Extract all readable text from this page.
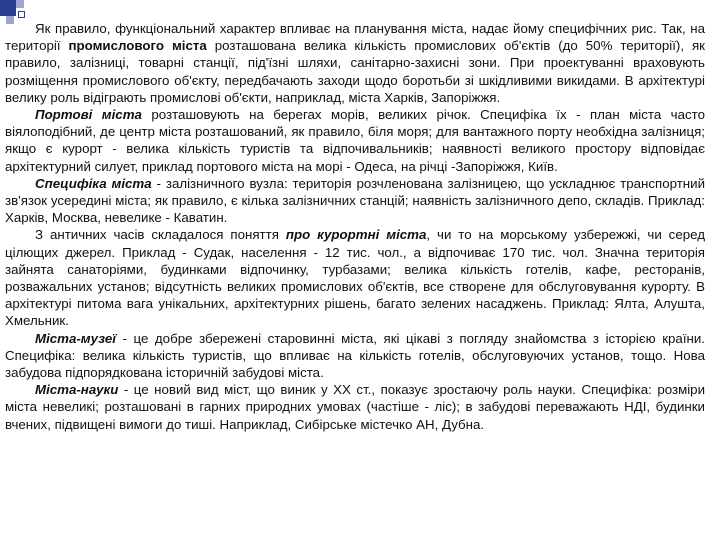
Як правило, функціональний характер впливає на планування міста, надає йому специфічних рис. Так, на території промислового міста розташована велика кількість промислових об'єктів (до 50% території), як правило, залізниці, товарні станції, під'їзні шляхи, санітарно-захисні зони. При проектуванні враховують розміщення промислового об'єкту, передбачають заходи щодо боротьби зі шкідливими викидами. В архітектурі велику роль відіграють промислові об'єкти, наприклад, міста Харків, Запоріжжя.

Портові міста розташовують на берегах морів, великих річок. Специфіка їх - план міста часто віялоподібний, де центр міста розташований, як правило, біля моря; для вантажного порту необхідна залізниця; якщо є курорт - велика кількість туристів та відпочивальників; наявності великого простору відповідає архітектурний силует, приклад портового міста на морі - Одеса, на річці -Запоріжжя, Київ.

Специфіка міста - залізничного вузла: територія розчленована залізницею, що ускладнює транспортний зв'язок усередині міста; як правило, є кілька залізничних станцій; наявність залізничного депо, складів. Приклад: Харків, Москва, невелике - Каватин.

З античних часів складалося поняття про курортні міста, чи то на морському узбережжі, чи серед цілющих джерел. Приклад - Судак, населення - 12 тис. чол., а відпочиває 170 тис. чол. Значна територія зайнята санаторіями, будинками відпочинку, турбазами; велика кількість готелів, кафе, ресторанів, розважальних установ; відсутність великих промислових об'єктів, все створене для обслуговування курорту. В архітектурі питома вага унікальних, архітектурних рішень, багато зелених насаджень. Приклад: Ялта, Алушта, Хмельник.

Міста-музеї - це добре збережені старовинні міста, які цікаві з погляду знайомства з історією країни. Специфіка: велика кількість туристів, що впливає на кількість готелів, обслуговуючих установ, тощо. Нова забудова підпорядкована історичній забудові міста.

Міста-науки - це новий вид міст, що виник у XX ст., показує зростаючу роль науки. Специфіка: розміри міста невеликі; розташовані в гарних природних умовах (частіше - ліс); в забудові переважають НДІ, будинки вчених, підвищені вимоги до тиші. Наприклад, Сибірське містечко АН, Дубна.
